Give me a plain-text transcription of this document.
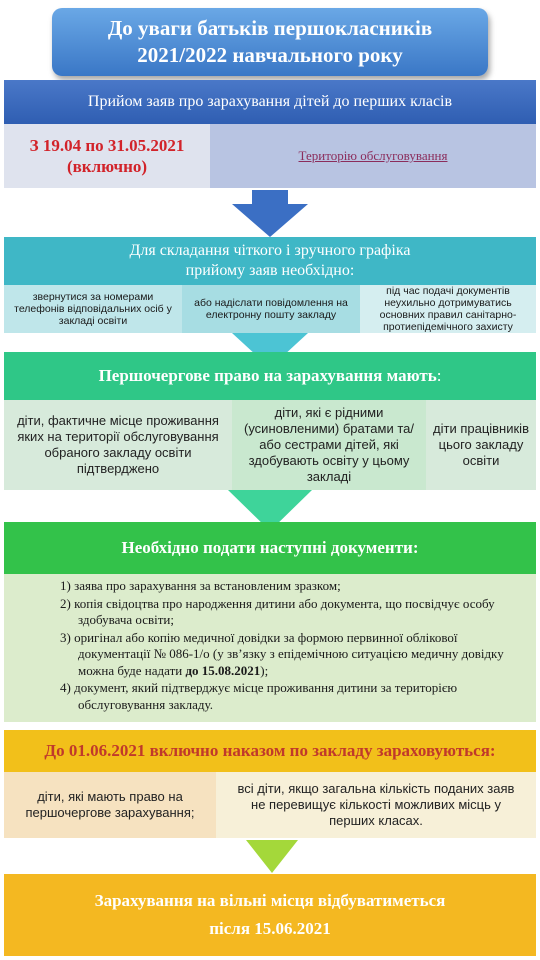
До уваги батьків першокласників
2021/2022 навчального року
Прийом заяв про зарахування дітей до перших класів
З 19.04 по 31.05.2021
(включно)
Територію обслуговування
Для складання чіткого і зручного графіка
прийому заяв необхідно:
звернутися за номерами телефонів відповідальних осіб у закладі освіти
або надіслати повідомлення на електронну пошту закладу
під час подачі документів неухильно дотримуватись основних правил санітарно-протиепідемічного захисту
Першочергове право на зарахування мають :
діти, фактичне місце проживання яких на території обслуговування обраного закладу освіти підтверджено
діти, які є рідними (усиновленими) братами та/або сестрами дітей, які здобувають освіту у цьому закладі
діти працівників цього закладу освіти
Необхідно подати наступні документи:
1) заява про зарахування за встановленим зразком;
2) копія свідоцтва про народження дитини або документа, що посвідчує особу здобувача освіти;
3) оригінал або копію медичної довідки за формою первинної облікової документації № 086-1/о (у зв’язку з епідемічною ситуацією медичну довідку можна буде надати до 15.08.2021);
4) документ, який підтверджує місце проживання дитини за територією обслуговування закладу.
До 01.06.2021 включно наказом по закладу зараховуються:
діти, які мають право на першочергове зарахування;
всі діти, якщо загальна кількість поданих заяв не перевищує кількості можливих місць у перших класах.
Зарахування на вільні місця відбуватиметься
після 15.06.2021
